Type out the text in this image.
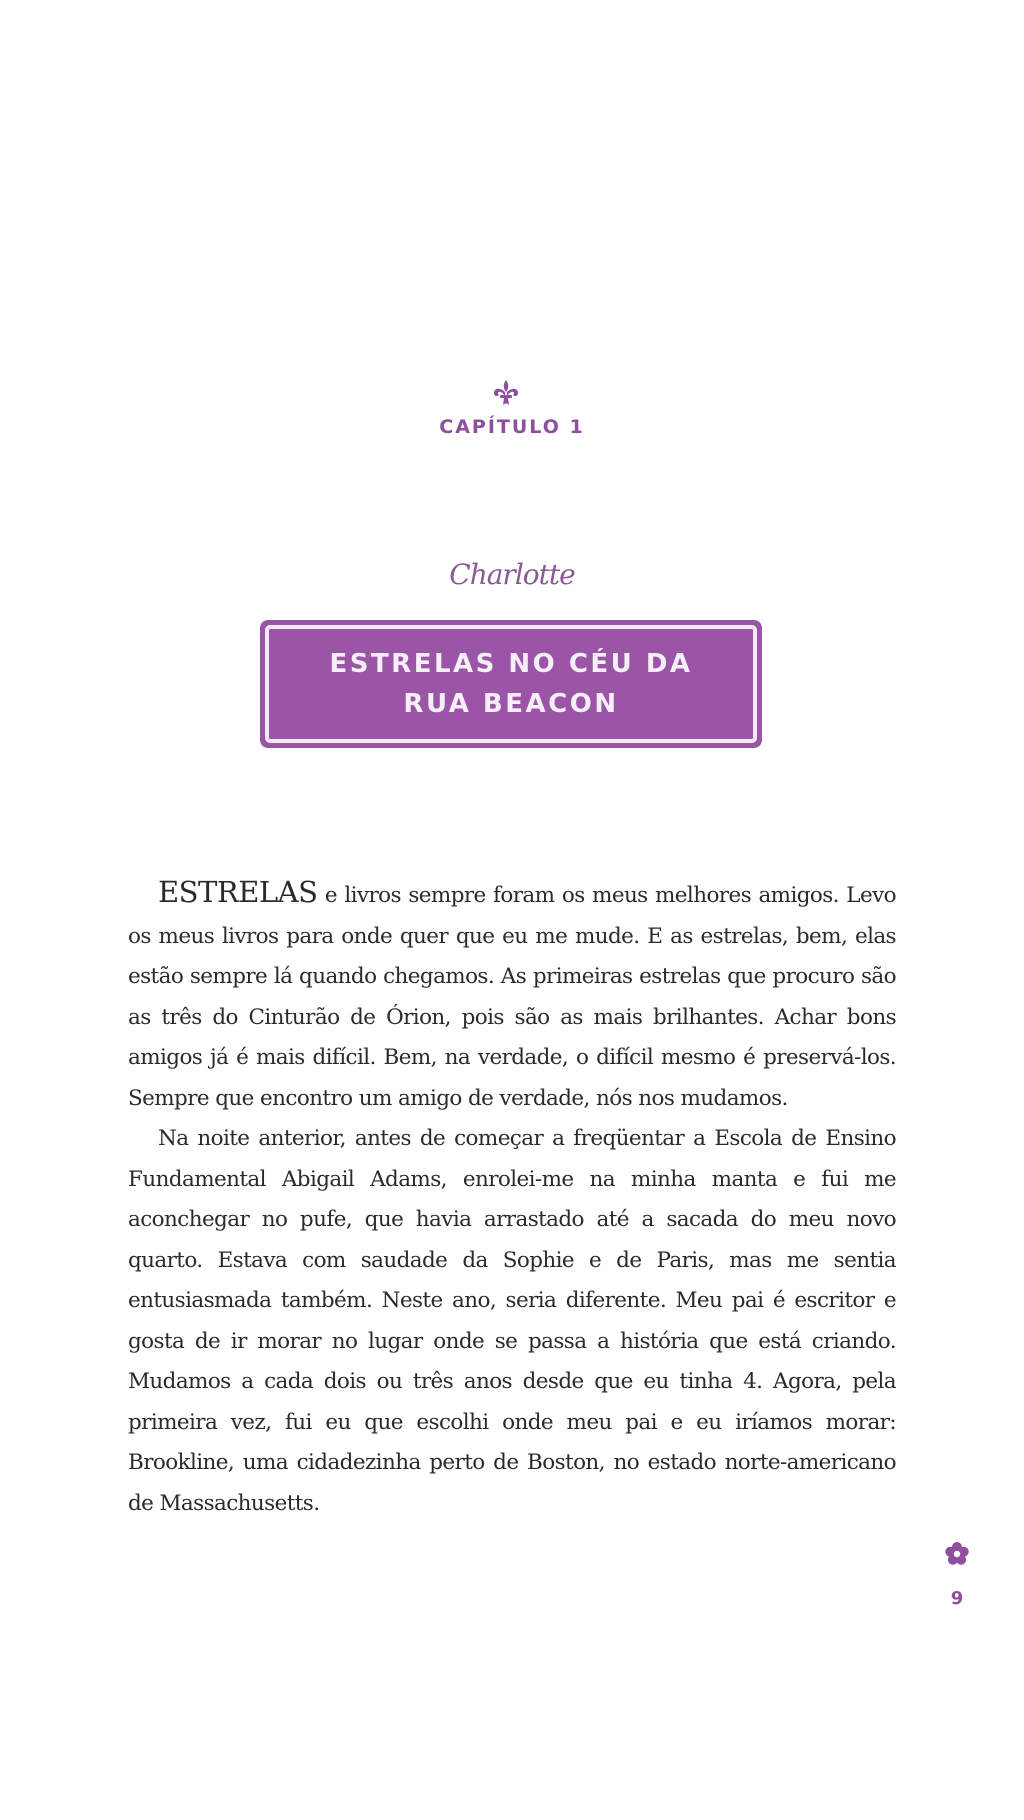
CAPÍTULO 1
Charlotte
ESTRELAS NO CÉU DA
RUA BEACON

ESTRELAS e livros sempre foram os meus melhores amigos. Levo os meus livros para onde quer que eu me mude. E as estrelas, bem, elas estão sempre lá quando chegamos. As primeiras estrelas que procuro são as três do Cinturão de Órion, pois são as mais brilhantes. Achar bons amigos já é mais difícil. Bem, na verdade, o difícil mesmo é preservá-los. Sempre que encontro um amigo de verdade, nós nos mudamos.

Na noite anterior, antes de começar a freqüentar a Escola de Ensino Fundamental Abigail Adams, enrolei-me na minha manta e fui me aconchegar no pufe, que havia arrastado até a sacada do meu novo quarto. Estava com saudade da Sophie e de Paris, mas me sentia entusiasmada também. Neste ano, seria diferente. Meu pai é escritor e gosta de ir morar no lugar onde se passa a história que está criando. Mudamos a cada dois ou três anos desde que eu tinha 4. Agora, pela primeira vez, fui eu que escolhi onde meu pai e eu iríamos morar: Brookline, uma cidadezinha perto de Boston, no estado norte-americano de Massachusetts.

9
